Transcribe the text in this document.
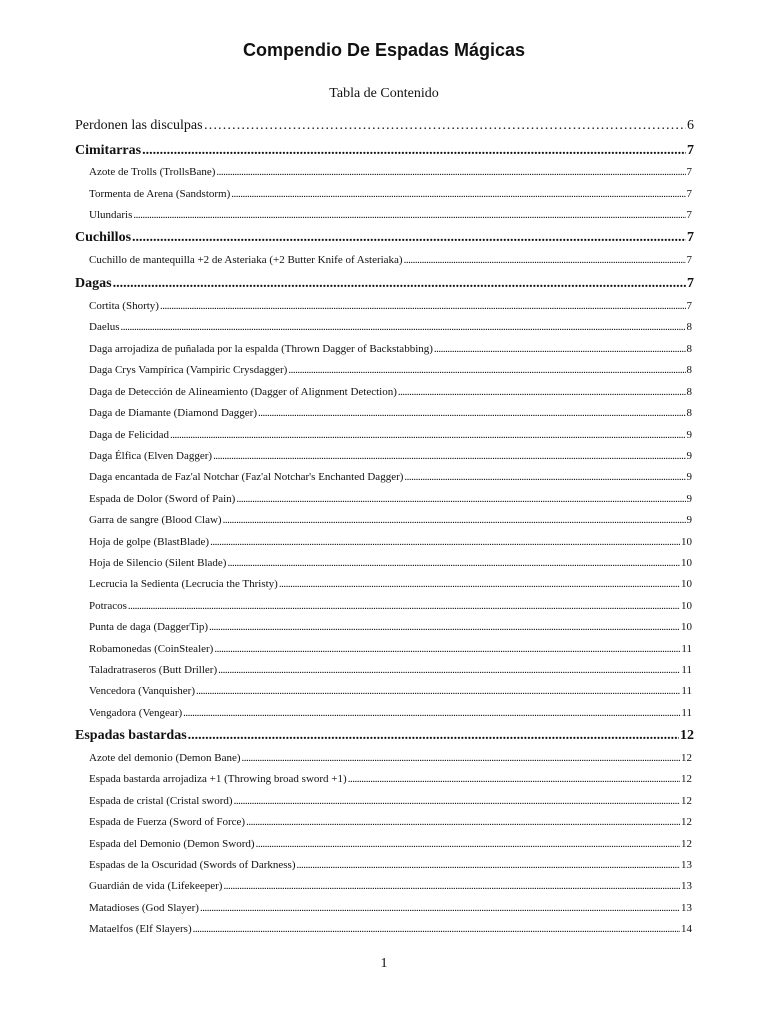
Compendio De Espadas Mágicas
Tabla de Contenido
Perdonen las disculpas ……………………………………………………………………………………………………………………………………………………………………………………………………	6
Cimitarras .....	7
Azote de Trolls (TrollsBane) .....	7
Tormenta de Arena (Sandstorm) .....	7
Ulundaris .....	7
Cuchillos .....	7
Cuchillo de mantequilla +2 de Asteriaka (+2 Butter Knife of Asteriaka) .....	7
Dagas .....	7
Cortita (Shorty) .....	7
Daelus .....	8
Daga arrojadiza de puñalada por la espalda (Thrown Dagger of Backstabbing) .....	8
Daga Crys Vampírica (Vampiric Crysdagger) .....	8
Daga de Detección de Alineamiento (Dagger of Alignment Detection) .....	8
Daga de Diamante (Diamond Dagger) .....	8
Daga de Felicidad .....	9
Daga Élfica (Elven Dagger) .....	9
Daga encantada de Faz'al Notchar (Faz'al Notchar's Enchanted Dagger) .....	9
Espada de Dolor (Sword of Pain) .....	9
Garra de sangre (Blood Claw) .....	9
Hoja de golpe (BlastBlade) .....	10
Hoja de Silencio (Silent Blade) .....	10
Lecrucia la Sedienta (Lecrucia the Thristy) .....	10
Potracos .....	10
Punta de daga (DaggerTip) .....	10
Robamonedas (CoinStealer) .....	11
Taladratraseros (Butt Driller) .....	11
Vencedora (Vanquisher) .....	11
Vengadora (Vengear) .....	11
Espadas bastardas .....	12
Azote del demonio (Demon Bane) .....	12
Espada bastarda arrojadiza +1 (Throwing broad sword +1) .....	12
Espada de cristal (Cristal sword) .....	12
Espada de Fuerza (Sword of Force) .....	12
Espada del Demonio (Demon Sword) .....	12
Espadas de la Oscuridad (Swords of Darkness) .....	13
Guardián de vida (Lifekeeper) .....	13
Matadioses (God Slayer) .....	13
Mataelfos (Elf Slayers) .....	14
1
